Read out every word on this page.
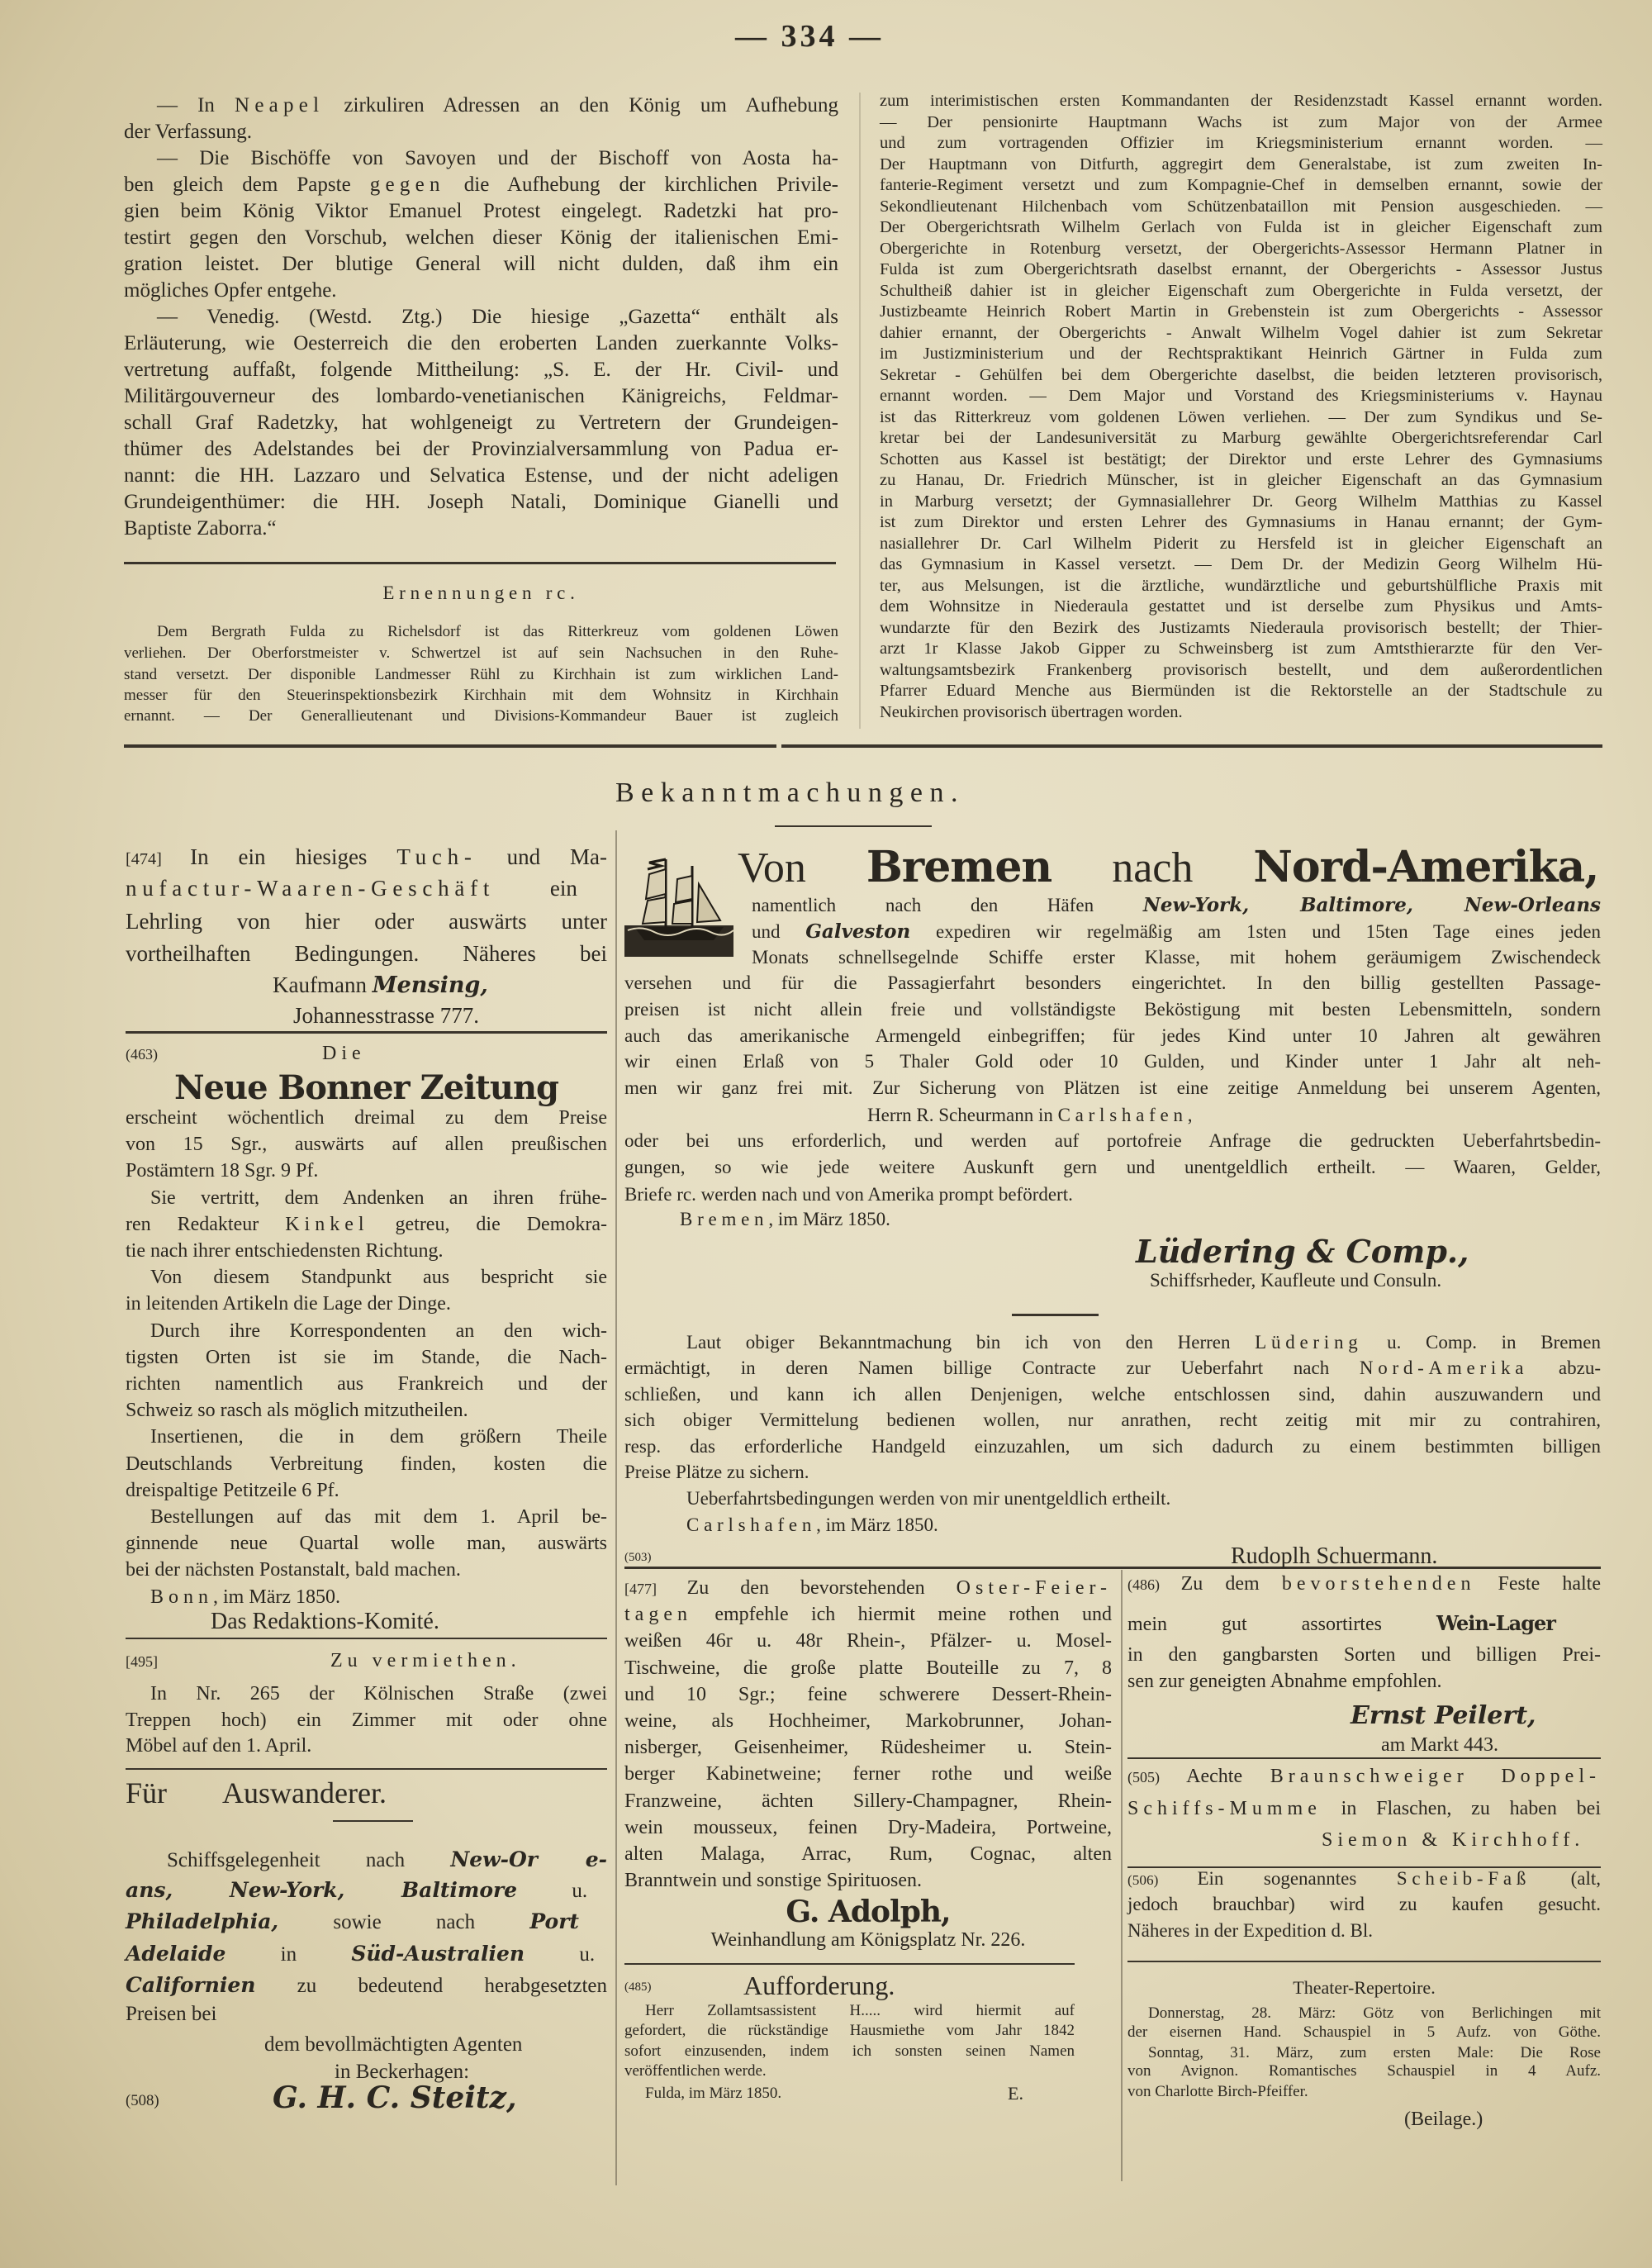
— 334 —
— In Neapel zirkuliren Adressen an den König um Aufhebung
der Verfassung.
— Die Bischöffe von Savoyen und der Bischoff von Aosta ha-
ben gleich dem Papste gegen die Aufhebung der kirchlichen Privile-
gien beim König Viktor Emanuel Protest eingelegt. Radetzki hat pro-
testirt gegen den Vorschub, welchen dieser König der italienischen Emi-
gration leistet. Der blutige General will nicht dulden, daß ihm ein
mögliches Opfer entgehe.
— Venedig. (Westd. Ztg.) Die hiesige „Gazetta“ enthält als
Erläuterung, wie Oesterreich die den eroberten Landen zuerkannte Volks-
vertretung auffaßt, folgende Mittheilung: „S. E. der Hr. Civil- und
Militärgouverneur des lombardo-venetianischen Känigreichs, Feldmar-
schall Graf Radetzky, hat wohlgeneigt zu Vertretern der Grundeigen-
thümer des Adelstandes bei der Provinzialversammlung von Padua er-
nannt: die HH. Lazzaro und Selvatica Estense, und der nicht adeligen
Grundeigenthümer: die HH. Joseph Natali, Dominique Gianelli und
Baptiste Zaborra.“
Ernennungen rc.
Dem Bergrath Fulda zu Richelsdorf ist das Ritterkreuz vom goldenen Löwen
verliehen. Der Oberforstmeister v. Schwertzel ist auf sein Nachsuchen in den Ruhe-
stand versetzt. Der disponible Landmesser Rühl zu Kirchhain ist zum wirklichen Land-
messer für den Steuerinspektionsbezirk Kirchhain mit dem Wohnsitz in Kirchhain
ernannt. — Der Generallieutenant und Divisions-Kommandeur Bauer ist zugleich
zum interimistischen ersten Kommandanten der Residenzstadt Kassel ernannt worden.
— Der pensionirte Hauptmann Wachs ist zum Major von der Armee
und zum vortragenden Offizier im Kriegsministerium ernannt worden. —
Der Hauptmann von Ditfurth, aggregirt dem Generalstabe, ist zum zweiten In-
fanterie-Regiment versetzt und zum Kompagnie-Chef in demselben ernannt, sowie der
Sekondlieutenant Hilchenbach vom Schützenbataillon mit Pension ausgeschieden. —
Der Obergerichtsrath Wilhelm Gerlach von Fulda ist in gleicher Eigenschaft zum
Obergerichte in Rotenburg versetzt, der Obergerichts-Assessor Hermann Platner in
Fulda ist zum Obergerichtsrath daselbst ernannt, der Obergerichts - Assessor Justus
Schultheiß dahier ist in gleicher Eigenschaft zum Obergerichte in Fulda versetzt, der
Justizbeamte Heinrich Robert Martin in Grebenstein ist zum Obergerichts - Assessor
dahier ernannt, der Obergerichts - Anwalt Wilhelm Vogel dahier ist zum Sekretar
im Justizministerium und der Rechtspraktikant Heinrich Gärtner in Fulda zum
Sekretar - Gehülfen bei dem Obergerichte daselbst, die beiden letzteren provisorisch,
ernannt worden. — Dem Major und Vorstand des Kriegsministeriums v. Haynau
ist das Ritterkreuz vom goldenen Löwen verliehen. — Der zum Syndikus und Se-
kretar bei der Landesuniversität zu Marburg gewählte Obergerichtsreferendar Carl
Schotten aus Kassel ist bestätigt; der Direktor und erste Lehrer des Gymnasiums
zu Hanau, Dr. Friedrich Münscher, ist in gleicher Eigenschaft an das Gymnasium
in Marburg versetzt; der Gymnasiallehrer Dr. Georg Wilhelm Matthias zu Kassel
ist zum Direktor und ersten Lehrer des Gymnasiums in Hanau ernannt; der Gym-
nasiallehrer Dr. Carl Wilhelm Piderit zu Hersfeld ist in gleicher Eigenschaft an
das Gymnasium in Kassel versetzt. — Dem Dr. der Medizin Georg Wilhelm Hü-
ter, aus Melsungen, ist die ärztliche, wundärztliche und geburtshülfliche Praxis mit
dem Wohnsitze in Niederaula gestattet und ist derselbe zum Physikus und Amts-
wundarzte für den Bezirk des Justizamts Niederaula provisorisch bestellt; der Thier-
arzt 1r Klasse Jakob Gipper zu Schweinsberg ist zum Amtsthierarzte für den Ver-
waltungsamtsbezirk Frankenberg provisorisch bestellt, und dem außerordentlichen
Pfarrer Eduard Menche aus Biermünden ist die Rektorstelle an der Stadtschule zu
Neukirchen provisorisch übertragen worden.
[474] In ein hiesiges Tuch- und Ma-
nufactur-Waaren-Geschäft ein
Lehrling von hier oder auswärts unter
vortheilhaften Bedingungen. Näheres bei
Kaufmann Mensing,
Johannesstrasse 777.
(463)	Die
Neue Bonner Zeitung
erscheint wöchentlich dreimal zu dem Preise
von 15 Sgr., auswärts auf allen preußischen
Postämtern 18 Sgr. 9 Pf.
Sie vertritt, dem Andenken an ihren frühe-
ren Redakteur Kinkel getreu, die Demokra-
tie nach ihrer entschiedensten Richtung.
Von diesem Standpunkt aus bespricht sie
in leitenden Artikeln die Lage der Dinge.
Durch ihre Korrespondenten an den wich-
tigsten Orten ist sie im Stande, die Nach-
richten namentlich aus Frankreich und der
Schweiz so rasch als möglich mitzutheilen.
Insertienen, die in dem größern Theile
Deutschlands Verbreitung finden, kosten die
dreispaltige Petitzeile 6 Pf.
Bestellungen auf das mit dem 1. April be-
ginnende neue Quartal wolle man, auswärts
bei der nächsten Postanstalt, bald machen.
Bonn, im März 1850.
Das Redaktions-Komité.
[495]	Zu vermiethen.
In Nr. 265 der Kölnischen Straße (zwei
Treppen hoch) ein Zimmer mit oder ohne
Möbel auf den 1. April.
Für Auswanderer.
Schiffsgelegenheit nach New-Or e-
ans, New-York, Baltimore u.
Philadelphia, sowie nach Port
Adelaide in Süd-Australien u.
Californien zu bedeutend herabgesetzten
Preisen bei
dem bevollmächtigten Agenten
in Beckerhagen:
(508)	G. H. C. Steitz,
Bekanntmachungen.
Von Bremen nach Nord-Amerika,
namentlich nach den Häfen New-York, Baltimore, New-Orleans
und Galveston expediren wir regelmäßig am 1sten und 15ten Tage eines jeden
Monats schnellsegelnde Schiffe erster Klasse, mit hohem geräumigem Zwischendeck
versehen und für die Passagierfahrt besonders eingerichtet. In den billig gestellten Passage-
preisen ist nicht allein freie und vollständigste Beköstigung mit besten Lebensmitteln, sondern
auch das amerikanische Armengeld einbegriffen; für jedes Kind unter 10 Jahren alt gewähren
wir einen Erlaß von 5 Thaler Gold oder 10 Gulden, und Kinder unter 1 Jahr alt neh-
men wir ganz frei mit. Zur Sicherung von Plätzen ist eine zeitige Anmeldung bei unserem Agenten,
Herrn R. Scheurmann in Carlshafen,
oder bei uns erforderlich, und werden auf portofreie Anfrage die gedruckten Ueberfahrtsbedin-
gungen, so wie jede weitere Auskunft gern und unentgeldlich ertheilt. — Waaren, Gelder,
Briefe rc. werden nach und von Amerika prompt befördert.
Bremen, im März 1850.
Lüdering & Comp.,
Schiffsrheder, Kaufleute und Consuln.
Laut obiger Bekanntmachung bin ich von den Herren Lüdering u. Comp. in Bremen
ermächtigt, in deren Namen billige Contracte zur Ueberfahrt nach Nord-Amerika abzu-
schließen, und kann ich allen Denjenigen, welche entschlossen sind, dahin auszuwandern und
sich obiger Vermittelung bedienen wollen, nur anrathen, recht zeitig mit mir zu contrahiren,
resp. das erforderliche Handgeld einzuzahlen, um sich dadurch zu einem bestimmten billigen
Preise Plätze zu sichern.
Ueberfahrtsbedingungen werden von mir unentgeldlich ertheilt.
Carlshafen, im März 1850.
(503)	Rudoplh Schuermann.
[477] Zu den bevorstehenden Oster-Feier-
tagen empfehle ich hiermit meine rothen und
weißen 46r u. 48r Rhein-, Pfälzer- u. Mosel-
Tischweine, die große platte Bouteille zu 7, 8
und 10 Sgr.; feine schwerere Dessert-Rhein-
weine, als Hochheimer, Markobrunner, Johan-
nisberger, Geisenheimer, Rüdesheimer u. Stein-
berger Kabinetweine; ferner rothe und weiße
Franzweine, ächten Sillery-Champagner, Rhein-
wein mousseux, feinen Dry-Madeira, Portweine,
alten Malaga, Arrac, Rum, Cognac, alten
Branntwein und sonstige Spirituosen.
G. Adolph,
Weinhandlung am Königsplatz Nr. 226.
(486) Zu dem bevorstehenden Feste halte
mein gut assortirtes Wein-Lager
in den gangbarsten Sorten und billigen Prei-
sen zur geneigten Abnahme empfohlen.
Ernst Peilert,
am Markt 443.
(505) Aechte Braunschweiger Doppel-
Schiffs-Mumme in Flaschen, zu haben bei
Siemon & Kirchhoff.
(506) Ein sogenanntes Scheib-Faß (alt,
jedoch brauchbar) wird zu kaufen gesucht.
Näheres in der Expedition d. Bl.
(485)	Aufforderung.
Herr Zollamtsassistent H..... wird hiermit auf
gefordert, die rückständige Hausmiethe vom Jahr 1842
sofort einzusenden, indem ich sonsten seinen Namen
veröffentlichen werde.
Fulda, im März 1850.	E.
Theater-Repertoire.
Donnerstag, 28. März: Götz von Berlichingen mit
der eisernen Hand. Schauspiel in 5 Aufz. von Göthe.
Sonntag, 31. März, zum ersten Male: Die Rose
von Avignon. Romantisches Schauspiel in 4 Aufz.
von Charlotte Birch-Pfeiffer.
(Beilage.)
